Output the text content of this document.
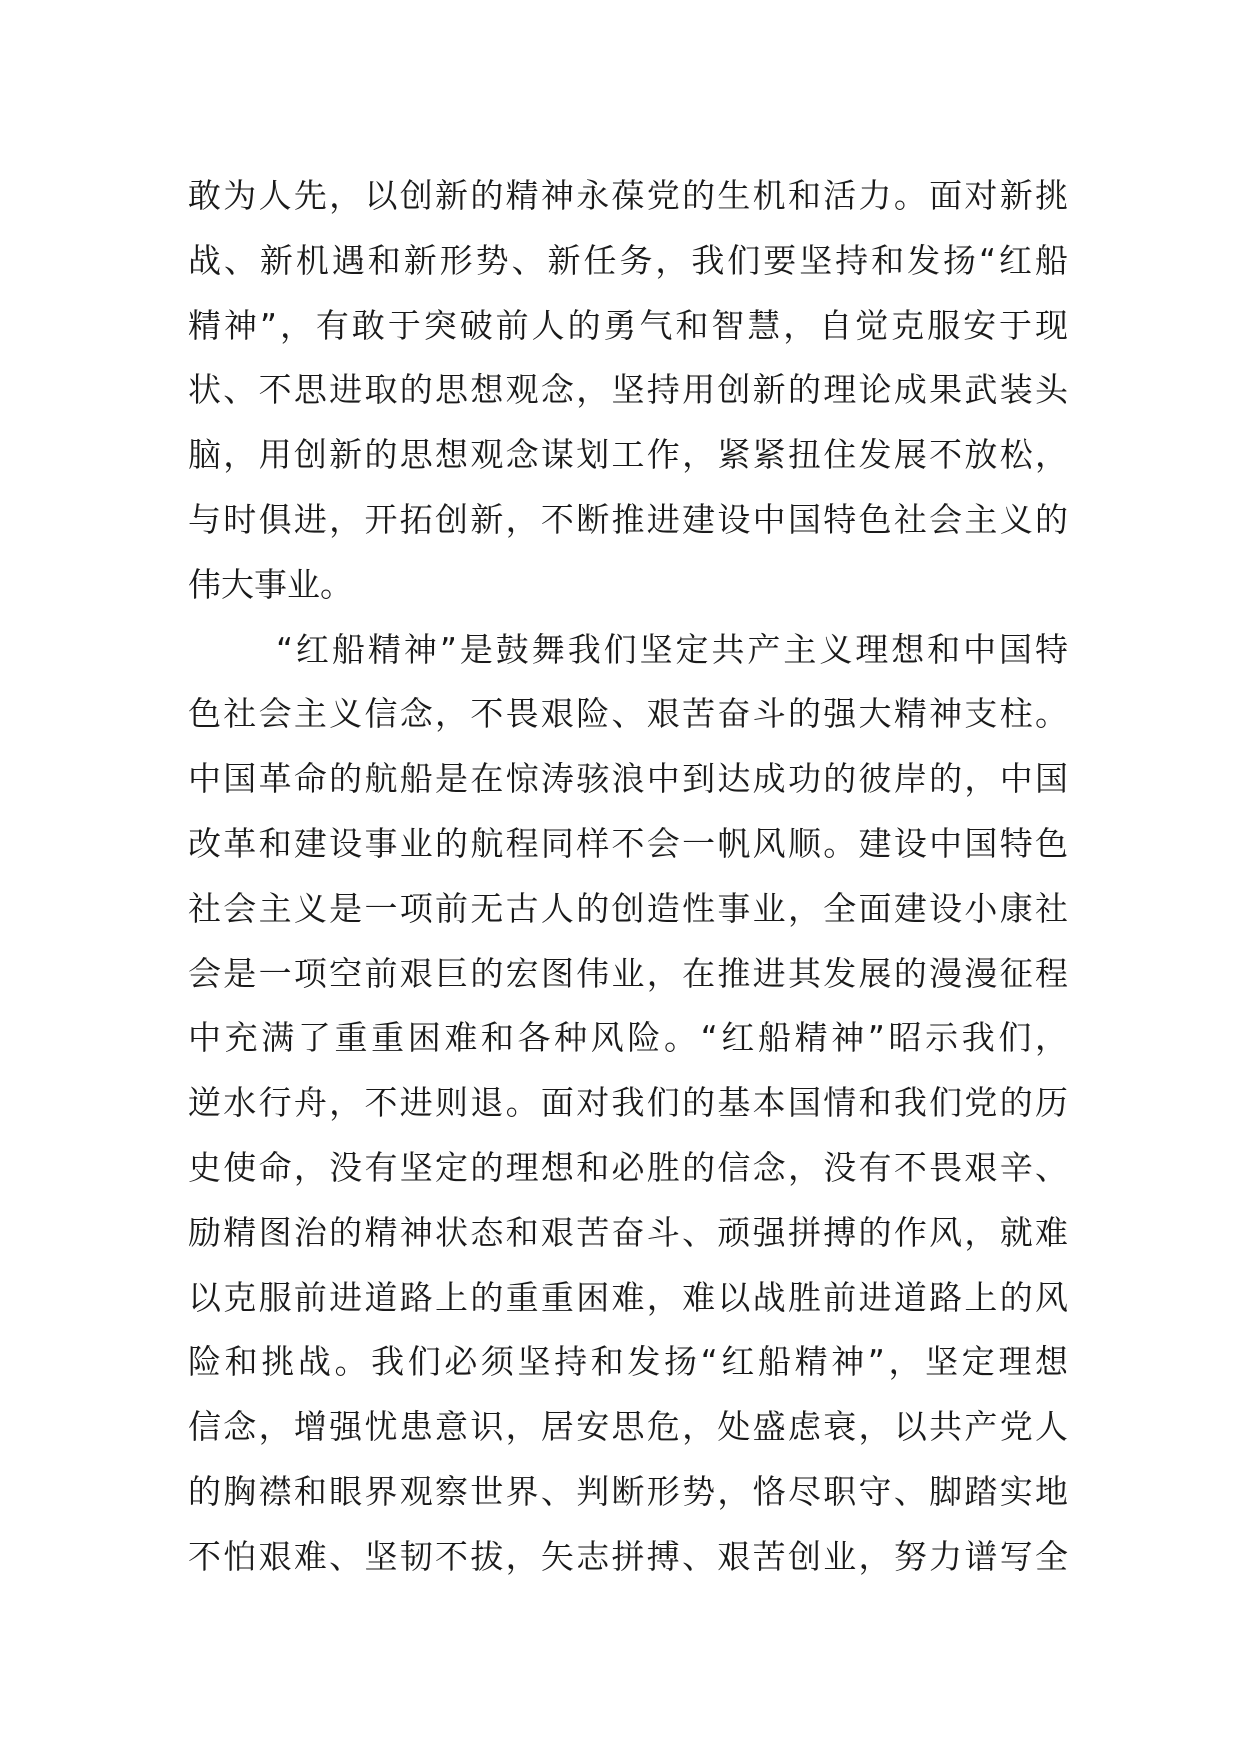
敢为人先，以创新的精神永葆党的生机和活力。面对新挑
战、新机遇和新形势、新任务，我们要坚持和发扬“红船
精神”，有敢于突破前人的勇气和智慧，自觉克服安于现
状、不思进取的思想观念，坚持用创新的理论成果武装头
脑，用创新的思想观念谋划工作，紧紧扭住发展不放松，
与时俱进，开拓创新，不断推进建设中国特色社会主义的
伟大事业。
“红船精神”是鼓舞我们坚定共产主义理想和中国特
色社会主义信念，不畏艰险、艰苦奋斗的强大精神支柱。
中国革命的航船是在惊涛骇浪中到达成功的彼岸的，中国
改革和建设事业的航程同样不会一帆风顺。建设中国特色
社会主义是一项前无古人的创造性事业，全面建设小康社
会是一项空前艰巨的宏图伟业，在推进其发展的漫漫征程
中充满了重重困难和各种风险。“红船精神”昭示我们，
逆水行舟，不进则退。面对我们的基本国情和我们党的历
史使命，没有坚定的理想和必胜的信念，没有不畏艰辛、
励精图治的精神状态和艰苦奋斗、顽强拼搏的作风，就难
以克服前进道路上的重重困难，难以战胜前进道路上的风
险和挑战。我们必须坚持和发扬“红船精神”，坚定理想
信念，增强忧患意识，居安思危，处盛虑衰，以共产党人
的胸襟和眼界观察世界、判断形势，恪尽职守、脚踏实地
不怕艰难、坚韧不拔，矢志拼搏、艰苦创业，努力谱写全
